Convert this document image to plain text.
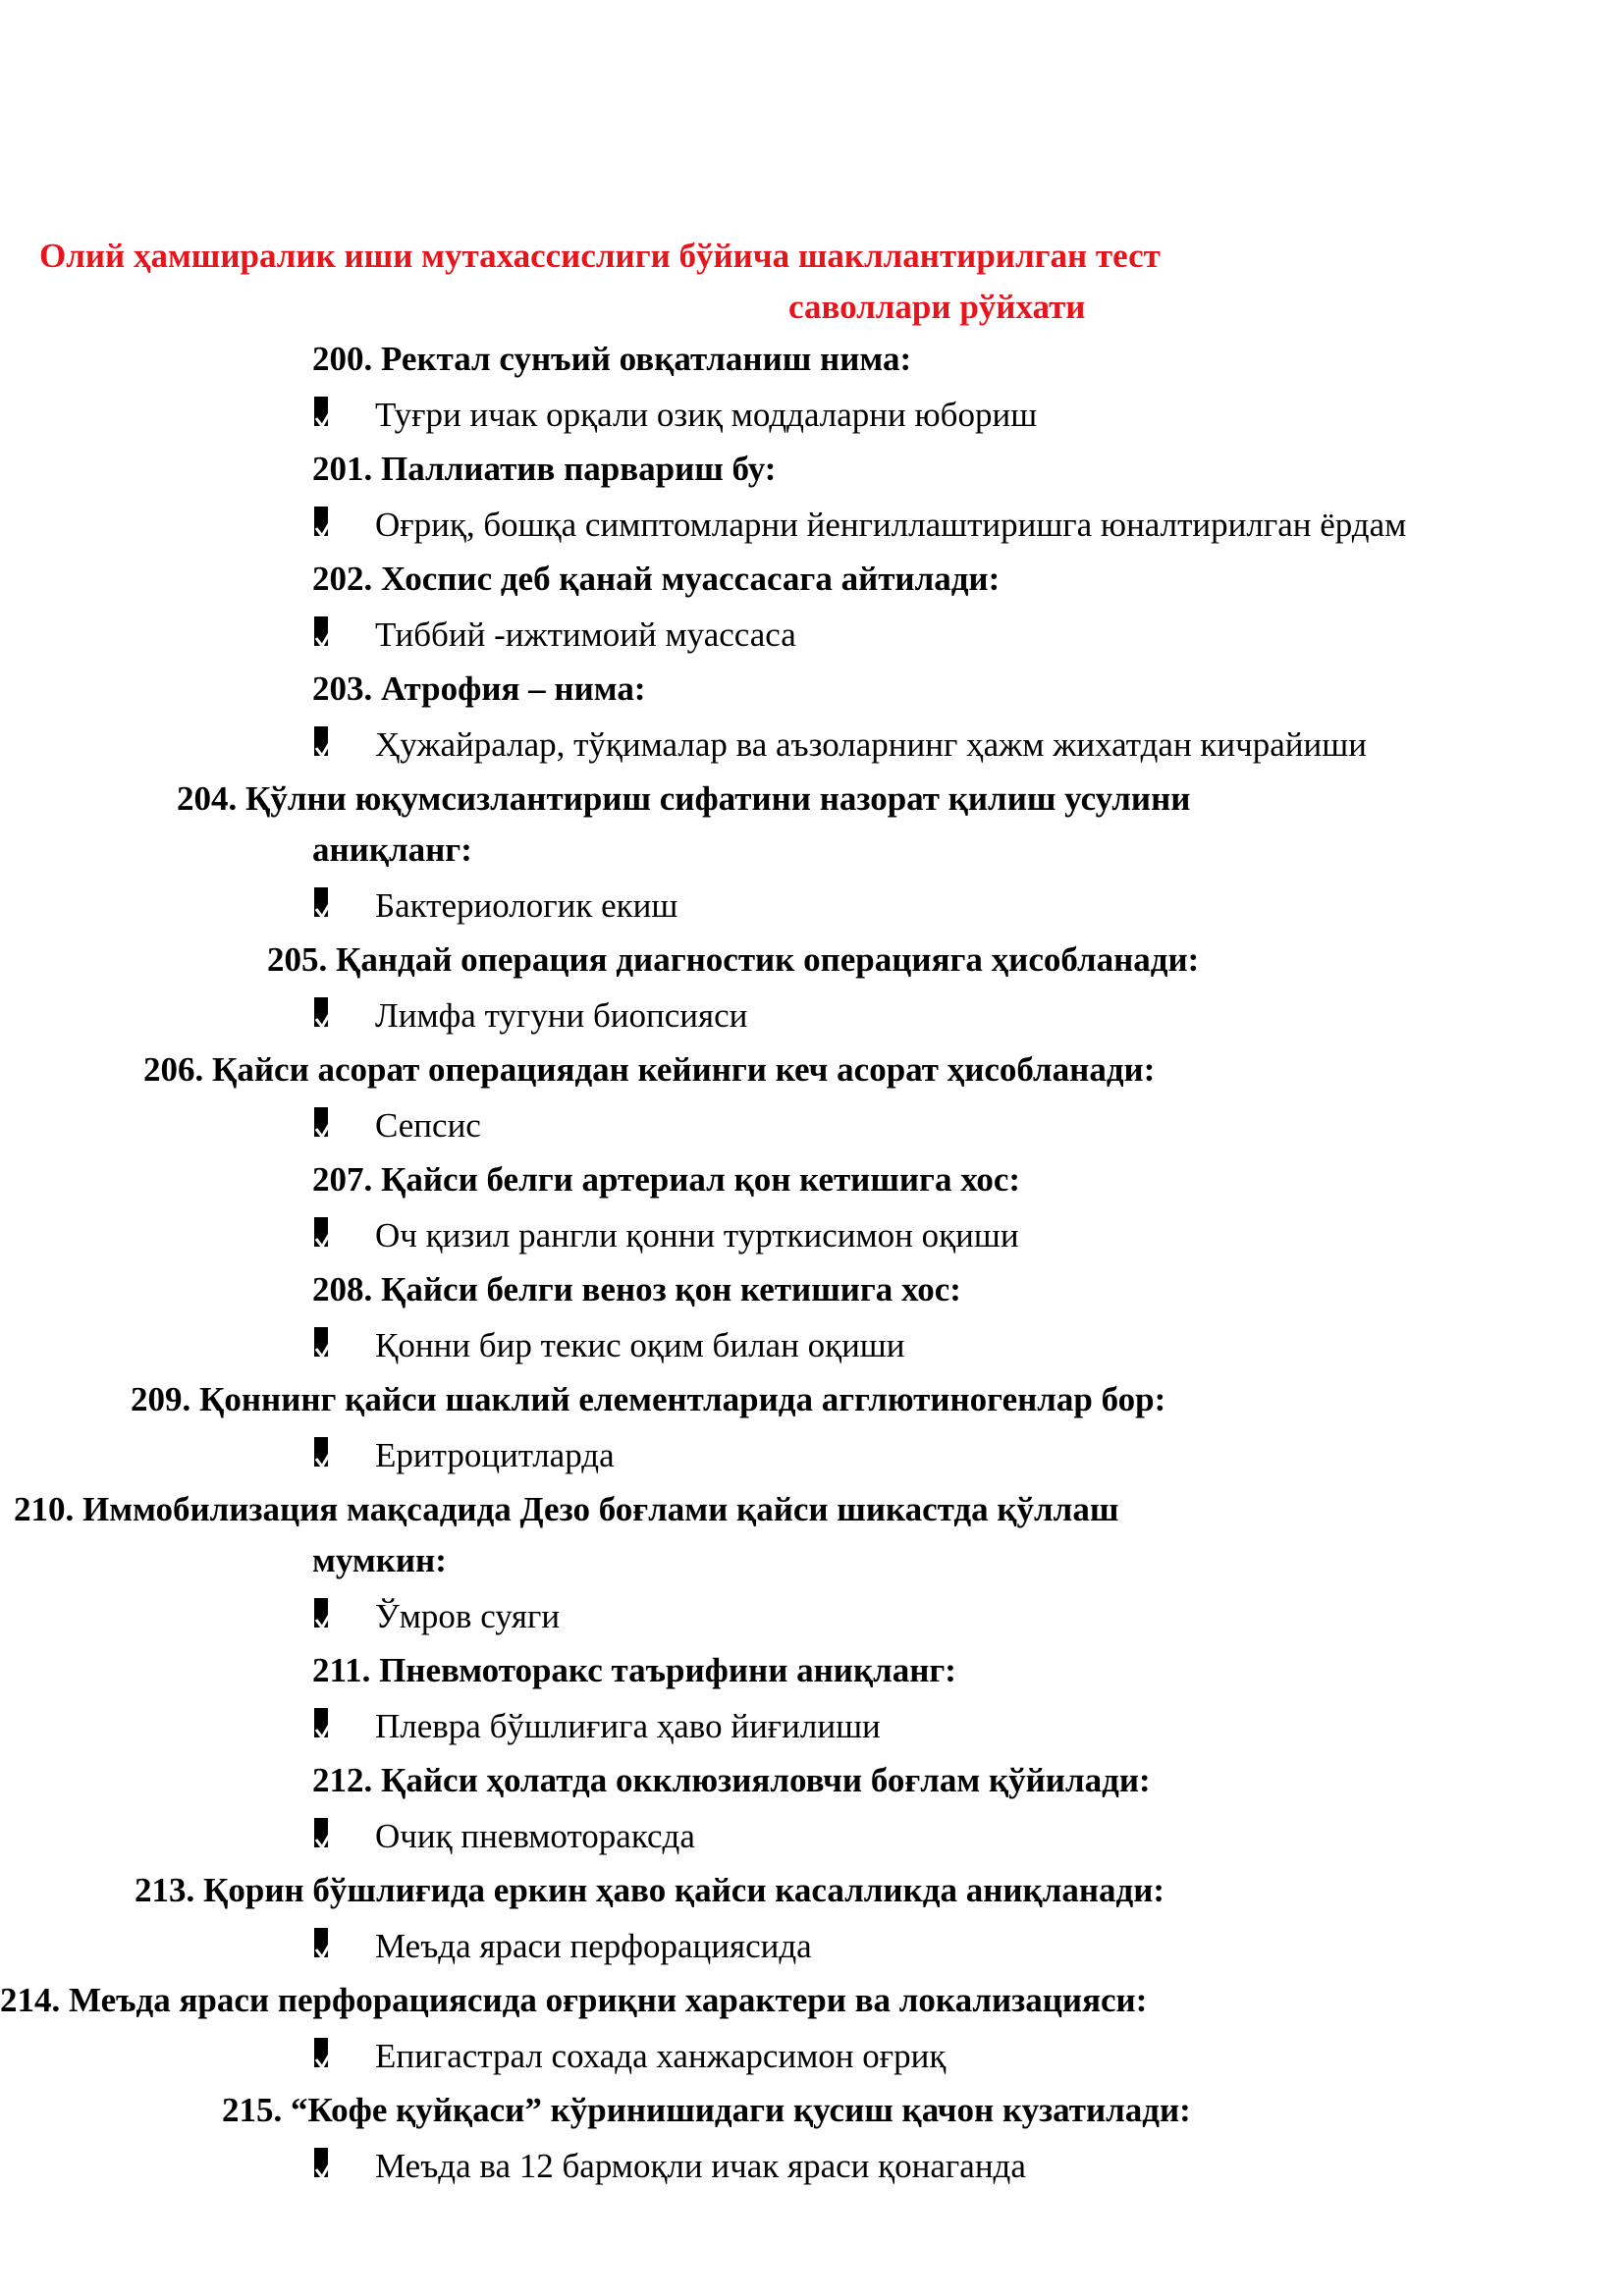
Олий ҳамширалик иши мутахассислиги бўйича шакллантирилган тест
саволлари рўйхати
200. Ректал сунъий овқатланиш нима:
Туғри ичак орқали озиқ моддаларни юбориш
201. Паллиатив парвариш бу:
Оғриқ, бошқа симптомларни йенгиллаштиришга юналтирилган ёрдам
202. Хоспис деб қанай муассасага айтилади:
Тиббий -ижтимоий муассаса
203. Атрофия – нима:
Ҳужайралар, тўқималар ва аъзоларнинг ҳажм жихатдан кичрайиши
204. Қўлни юқумсизлантириш сифатини назорат қилиш усулини
аниқланг:
Бактериологик екиш
205. Қандай операция диагностик операцияга ҳисобланади:
Лимфа тугуни биопсияси
206. Қайси асорат операциядан кейинги кеч асорат ҳисобланади:
Сепсис
207. Қайси белги артериал қон кетишига хос:
Оч қизил рангли қонни турткисимон оқиши
208. Қайси белги веноз қон кетишига хос:
Қонни бир текис оқим билан оқиши
209. Қоннинг қайси шаклий елементларида агглютиногенлар бор:
Еритроцитларда
210. Иммобилизация мақсадида Дезо боғлами қайси шикастда қўллаш
мумкин:
Ўмров суяги
211. Пневмоторакс таърифини аниқланг:
Плевра бўшлиғига ҳаво йиғилиши
212. Қайси ҳолатда окклюзияловчи боғлам қўйилади:
Очиқ пневмотораксда
213. Қорин бўшлиғида еркин ҳаво қайси касалликда аниқланади:
Меъда яраси перфорациясида
214. Меъда яраси перфорациясида оғриқни характери ва локализацияси:
Епигастрал сохада ханжарсимон оғриқ
215. “Кофе қуйқаси” кўринишидаги қусиш қачон кузатилади:
Меъда ва 12 бармоқли ичак яраси қонаганда
